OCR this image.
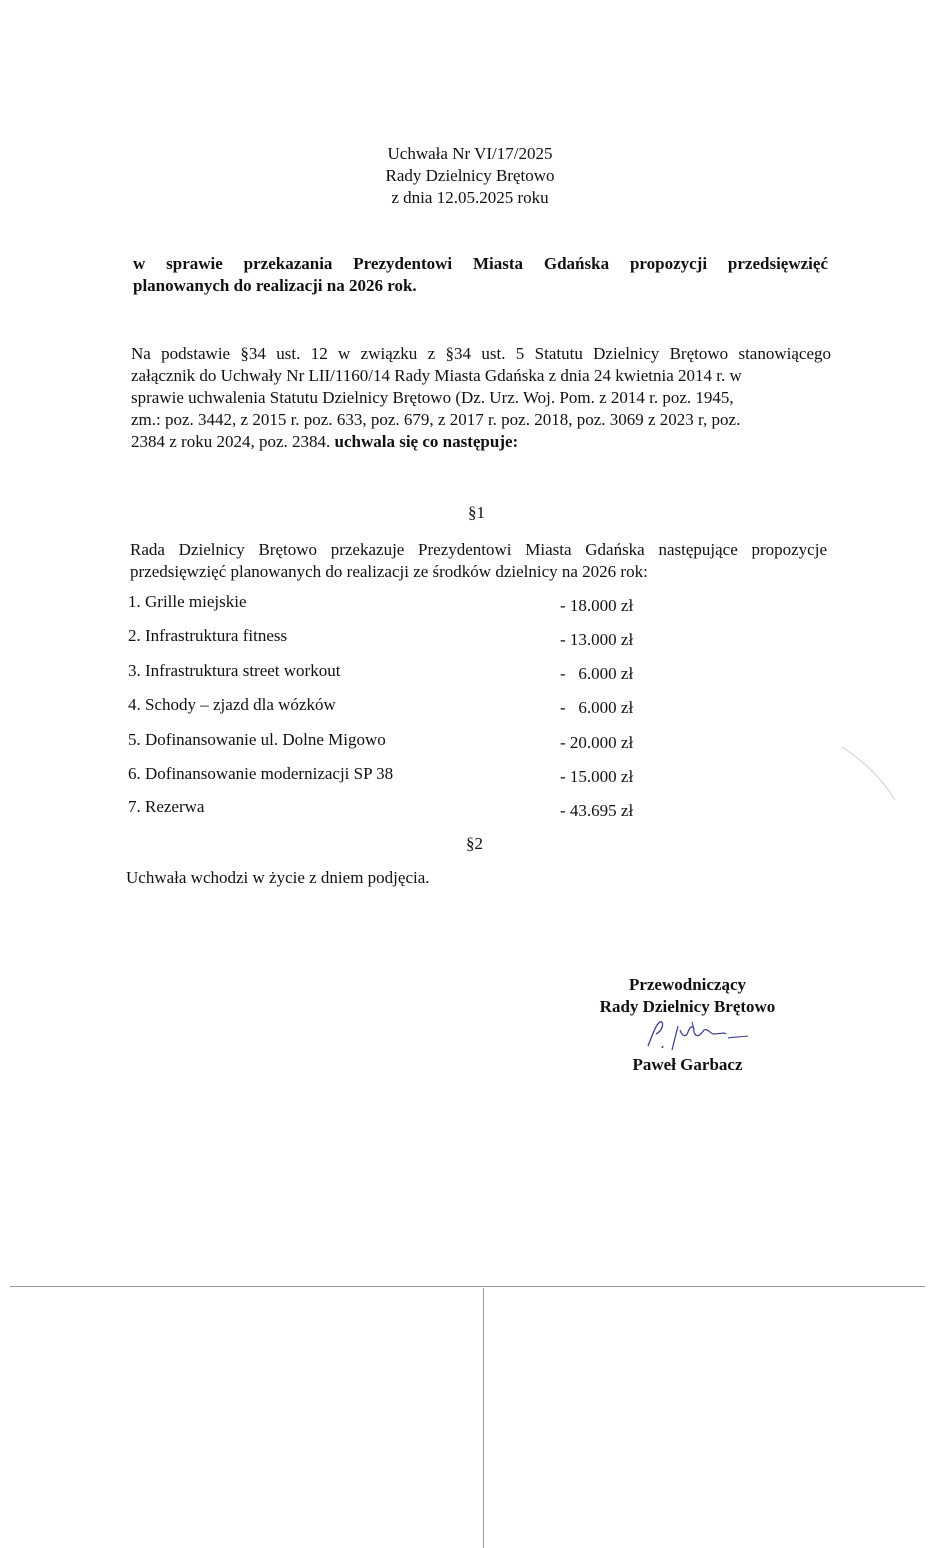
Uchwała Nr VI/17/2025
Rady Dzielnicy Brętowo
z dnia 12.05.2025 roku
w sprawie przekazania Prezydentowi Miasta Gdańska propozycji przedsięwzięć
planowanych do realizacji na 2026 rok.
Na podstawie §34 ust. 12 w związku z §34 ust. 5 Statutu Dzielnicy Brętowo stanowiącego
załącznik do Uchwały Nr LII/1160/14 Rady Miasta Gdańska z dnia 24 kwietnia 2014 r. w
sprawie uchwalenia Statutu Dzielnicy Brętowo (Dz. Urz. Woj. Pom. z 2014 r. poz. 1945,
zm.: poz. 3442, z 2015 r. poz. 633, poz. 679, z 2017 r. poz. 2018, poz. 3069 z 2023 r, poz.
2384 z roku 2024, poz. 2384. uchwala się co następuje:
§1
Rada Dzielnicy Brętowo przekazuje Prezydentowi Miasta Gdańska następujące propozycje
przedsięwzięć planowanych do realizacji ze środków dzielnicy na 2026 rok:
1. Grille miejskie	- 18.000 zł
2. Infrastruktura fitness	- 13.000 zł
3. Infrastruktura street workout	-   6.000 zł
4. Schody – zjazd dla wózków	-   6.000 zł
5. Dofinansowanie ul. Dolne Migowo	- 20.000 zł
6. Dofinansowanie modernizacji SP 38	- 15.000 zł
7. Rezerwa	- 43.695 zł
§2
Uchwała wchodzi w życie z dniem podjęcia.
Przewodniczący
Rady Dzielnicy Brętowo
Paweł Garbacz
